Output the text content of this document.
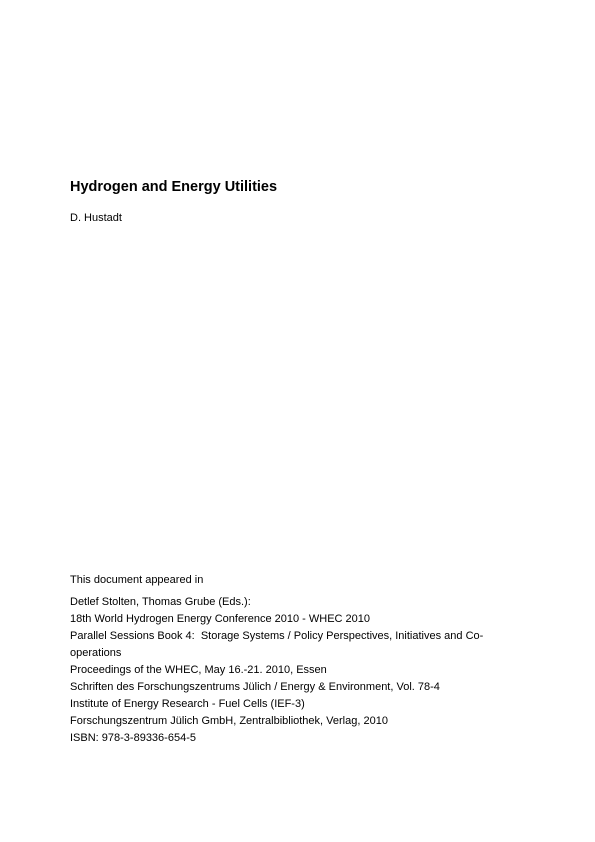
Hydrogen and Energy Utilities

D. Hustadt

This document appeared in

Detlef Stolten, Thomas Grube (Eds.):
18th World Hydrogen Energy Conference 2010 - WHEC 2010
Parallel Sessions Book 4:  Storage Systems / Policy Perspectives, Initiatives and Co-
operations
Proceedings of the WHEC, May 16.-21. 2010, Essen
Schriften des Forschungszentrums Jülich / Energy & Environment, Vol. 78-4
Institute of Energy Research - Fuel Cells (IEF-3)
Forschungszentrum Jülich GmbH, Zentralbibliothek, Verlag, 2010
ISBN: 978-3-89336-654-5
